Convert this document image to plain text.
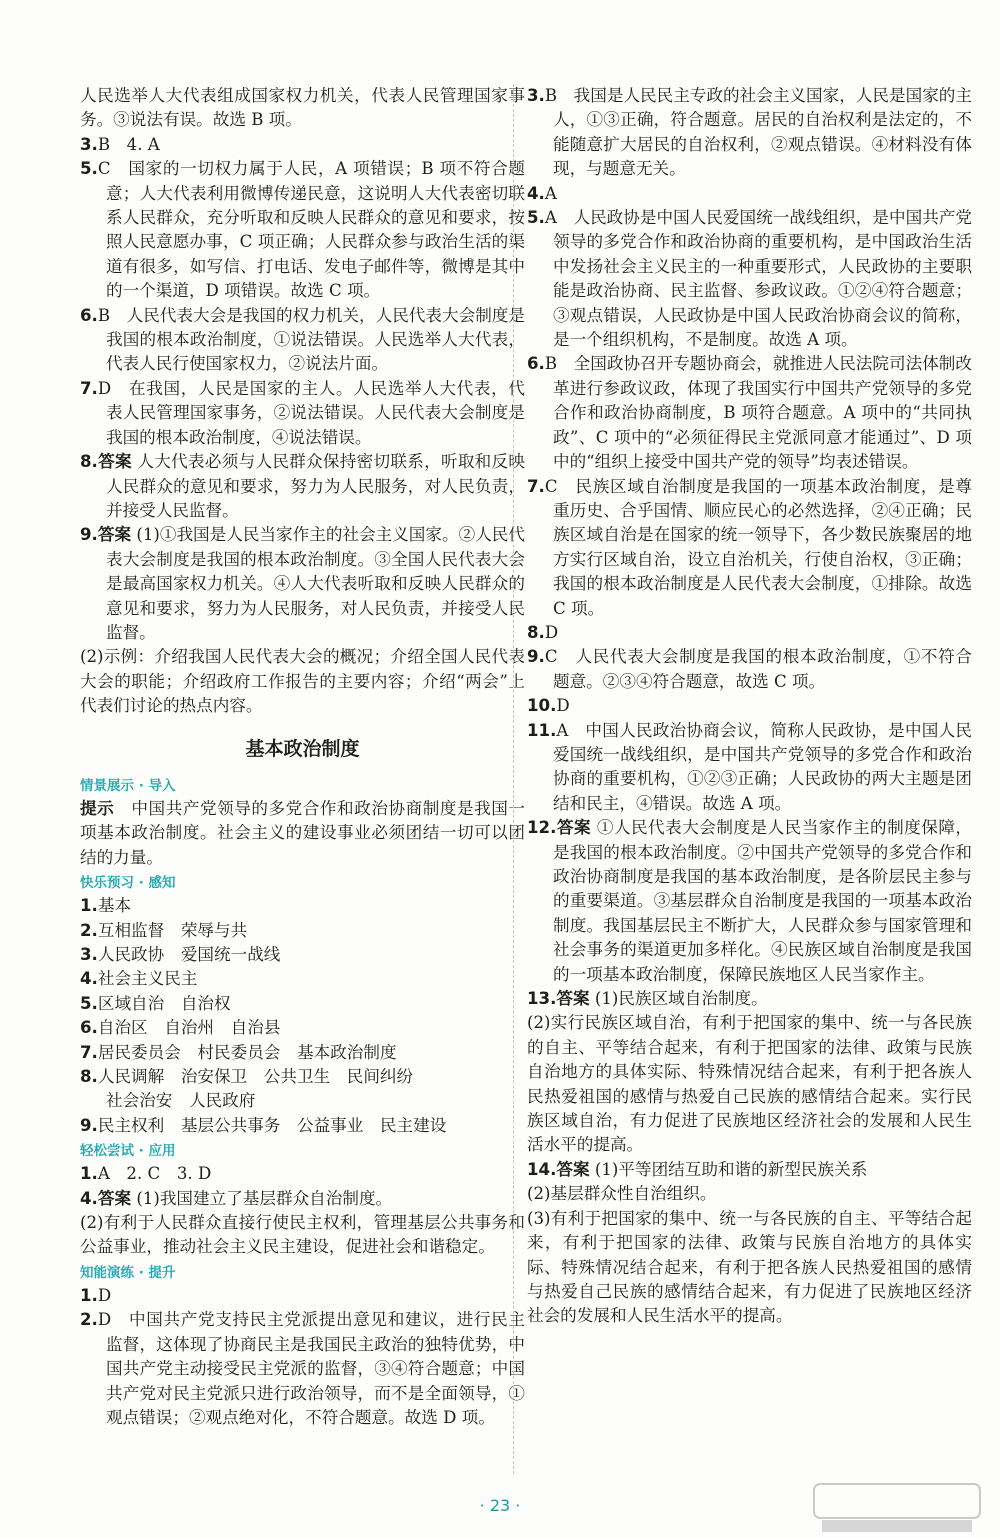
人民选举人大代表组成国家权力机关，代表人民管理国家事务。③说法有误。故选 B 项。

3.B　4. A

5.C　国家的一切权力属于人民，A 项错误；B 项不符合题意；人大代表利用微博传递民意，这说明人大代表密切联系人民群众，充分听取和反映人民群众的意见和要求，按照人民意愿办事，C 项正确；人民群众参与政治生活的渠道有很多，如写信、打电话、发电子邮件等，微博是其中的一个渠道，D 项错误。故选 C 项。

6.B　人民代表大会是我国的权力机关，人民代表大会制度是我国的根本政治制度，①说法错误。人民选举人大代表，代表人民行使国家权力，②说法片面。

7.D　在我国，人民是国家的主人。人民选举人大代表，代表人民管理国家事务，②说法错误。人民代表大会制度是我国的根本政治制度，④说法错误。

8.答案 人大代表必须与人民群众保持密切联系，听取和反映人民群众的意见和要求，努力为人民服务，对人民负责，并接受人民监督。

9.答案 (1)①我国是人民当家作主的社会主义国家。②人民代表大会制度是我国的根本政治制度。③全国人民代表大会是最高国家权力机关。④人大代表听取和反映人民群众的意见和要求，努力为人民服务，对人民负责，并接受人民监督。

(2)示例：介绍我国人民代表大会的概况；介绍全国人民代表大会的职能；介绍政府工作报告的主要内容；介绍“两会”上代表们讨论的热点内容。

基本政治制度
情景展示 · 导入

提示　 中国共产党领导的多党合作和政治协商制度是我国一项基本政治制度。社会主义的建设事业必须团结一切可以团结的力量。

快乐预习 · 感知

1.基本

2.互相监督　荣辱与共

3.人民政协　爱国统一战线

4.社会主义民主

5.区域自治　自治权

6.自治区　自治州　自治县

7.居民委员会　村民委员会　基本政治制度

8.人民调解　治安保卫　公共卫生　民间纠纷
社会治安　人民政府

9.民主权利　基层公共事务　公益事业　民主建设

轻松尝试 · 应用

1.A　2. C　3. D

4.答案 (1)我国建立了基层群众自治制度。

(2)有利于人民群众直接行使民主权利，管理基层公共事务和公益事业，推动社会主义民主建设，促进社会和谐稳定。

知能演练 · 提升

1.D

2.D　中国共产党支持民主党派提出意见和建议，进行民主监督，这体现了协商民主是我国民主政治的独特优势，中国共产党主动接受民主党派的监督，③④符合题意；中国共产党对民主党派只进行政治领导，而不是全面领导，①观点错误；②观点绝对化，不符合题意。故选 D 项。

3.B　我国是人民民主专政的社会主义国家，人民是国家的主人，①③正确，符合题意。居民的自治权利是法定的，不能随意扩大居民的自治权利，②观点错误。④材料没有体现，与题意无关。

4.A

5.A　人民政协是中国人民爱国统一战线组织，是中国共产党领导的多党合作和政治协商的重要机构，是中国政治生活中发扬社会主义民主的一种重要形式，人民政协的主要职能是政治协商、民主监督、参政议政。①②④符合题意；③观点错误，人民政协是中国人民政治协商会议的简称，是一个组织机构，不是制度。故选 A 项。

6.B　全国政协召开专题协商会，就推进人民法院司法体制改革进行参政议政，体现了我国实行中国共产党领导的多党合作和政治协商制度，B 项符合题意。A 项中的“共同执政”、C 项中的“必须征得民主党派同意才能通过”、D 项中的“组织上接受中国共产党的领导”均表述错误。

7.C　民族区域自治制度是我国的一项基本政治制度，是尊重历史、合乎国情、顺应民心的必然选择，②④正确；民族区域自治是在国家的统一领导下，各少数民族聚居的地方实行区域自治，设立自治机关，行使自治权，③正确；我国的根本政治制度是人民代表大会制度，①排除。故选 C 项。

8.D

9.C　人民代表大会制度是我国的根本政治制度，①不符合题意。②③④符合题意，故选 C 项。

10.D

11.A　中国人民政治协商会议，简称人民政协，是中国人民爱国统一战线组织，是中国共产党领导的多党合作和政治协商的重要机构，①②③正确；人民政协的两大主题是团结和民主，④错误。故选 A 项。

12.答案 ①人民代表大会制度是人民当家作主的制度保障，是我国的根本政治制度。②中国共产党领导的多党合作和政治协商制度是我国的基本政治制度，是各阶层民主参与的重要渠道。③基层群众自治制度是我国的一项基本政治制度。我国基层民主不断扩大，人民群众参与国家管理和社会事务的渠道更加多样化。④民族区域自治制度是我国的一项基本政治制度，保障民族地区人民当家作主。

13.答案 (1)民族区域自治制度。

(2)实行民族区域自治，有利于把国家的集中、统一与各民族的自主、平等结合起来，有利于把国家的法律、政策与民族自治地方的具体实际、特殊情况结合起来，有利于把各族人民热爱祖国的感情与热爱自己民族的感情结合起来。实行民族区域自治，有力促进了民族地区经济社会的发展和人民生活水平的提高。

14.答案 (1)平等团结互助和谐的新型民族关系

(2)基层群众性自治组织。

(3)有利于把国家的集中、统一与各民族的自主、平等结合起来，有利于把国家的法律、政策与民族自治地方的具体实际、特殊情况结合起来，有利于把各族人民热爱祖国的感情与热爱自己民族的感情结合起来，有力促进了民族地区经济社会的发展和人民生活水平的提高。

· 23 ·
